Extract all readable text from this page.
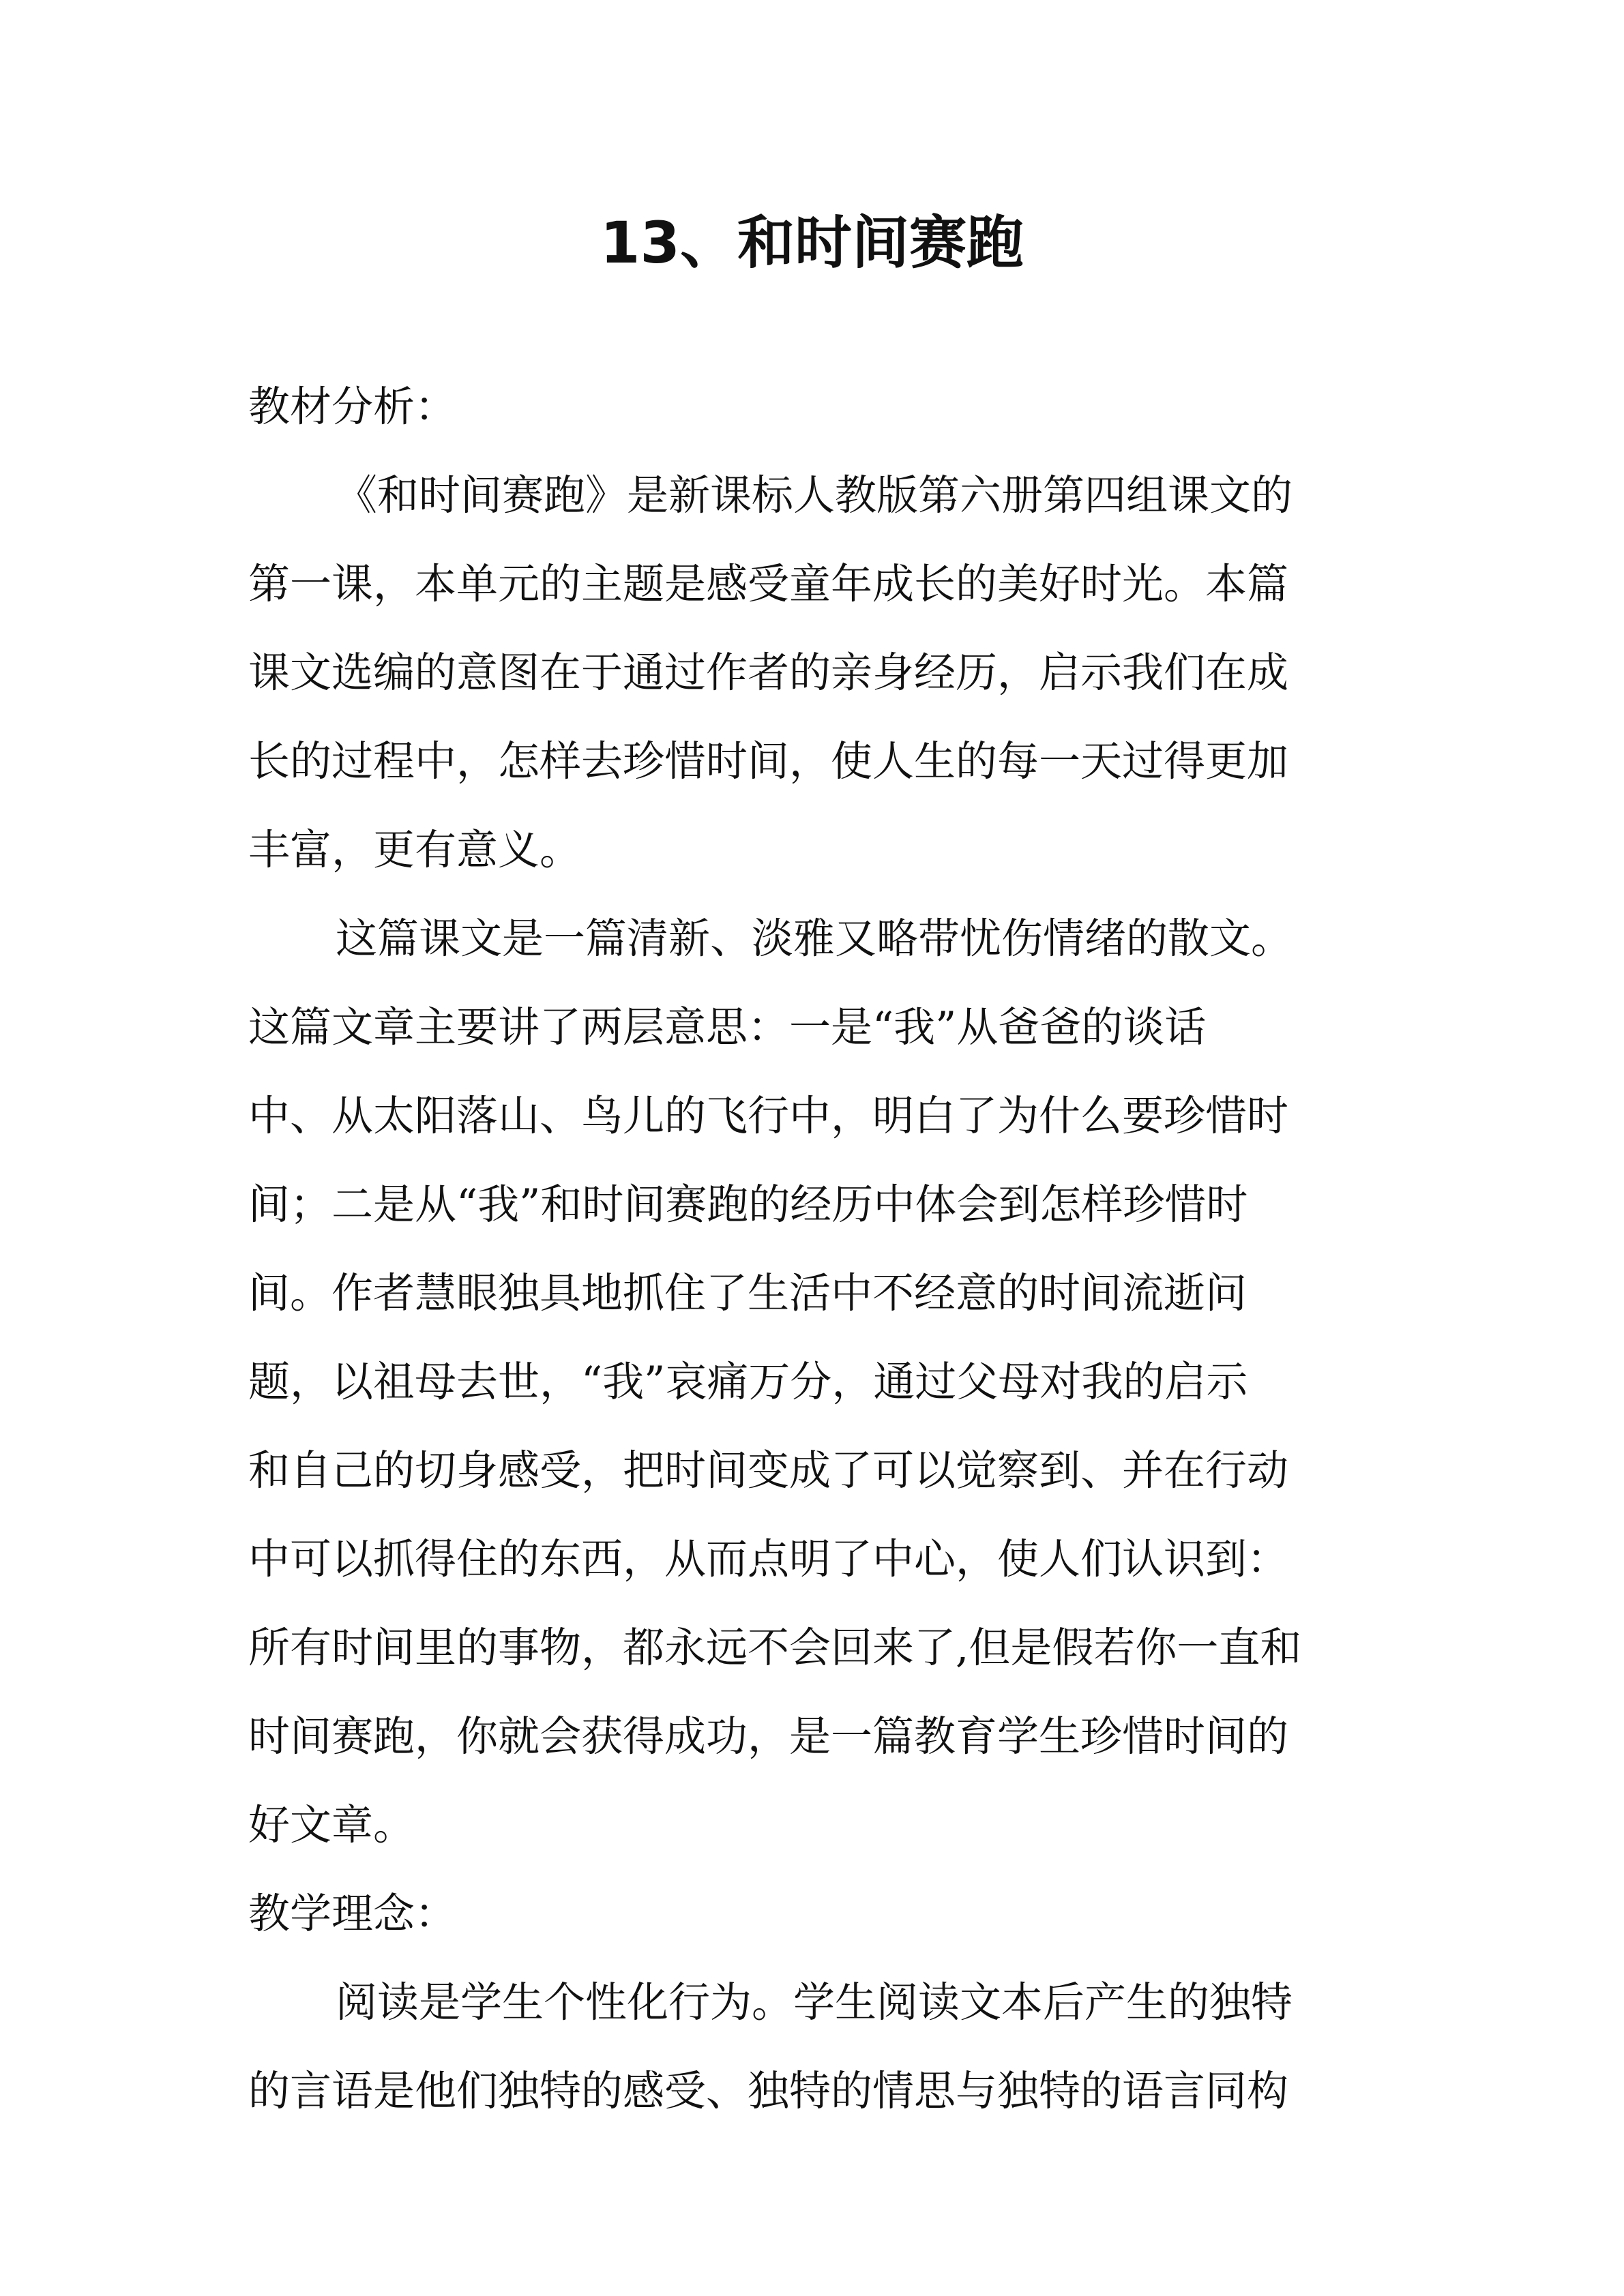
13、和时间赛跑
教材分析：
《和时间赛跑》是新课标人教版第六册第四组课文的
第一课，本单元的主题是感受童年成长的美好时光。本篇
课文选编的意图在于通过作者的亲身经历，启示我们在成
长的过程中，怎样去珍惜时间，使人生的每一天过得更加
丰富，更有意义。
这篇课文是一篇清新、淡雅又略带忧伤情绪的散文。
这篇文章主要讲了两层意思：一是“我”从爸爸的谈话
中、从太阳落山、鸟儿的飞行中，明白了为什么要珍惜时
间；二是从“我”和时间赛跑的经历中体会到怎样珍惜时
间。作者慧眼独具地抓住了生活中不经意的时间流逝问
题，以祖母去世，“我”哀痛万分，通过父母对我的启示
和自己的切身感受，把时间变成了可以觉察到、并在行动
中可以抓得住的东西，从而点明了中心，使人们认识到：
所有时间里的事物，都永远不会回来了,但是假若你一直和
时间赛跑，你就会获得成功，是一篇教育学生珍惜时间的
好文章。
教学理念：
阅读是学生个性化行为。学生阅读文本后产生的独特
的言语是他们独特的感受、独特的情思与独特的语言同构
